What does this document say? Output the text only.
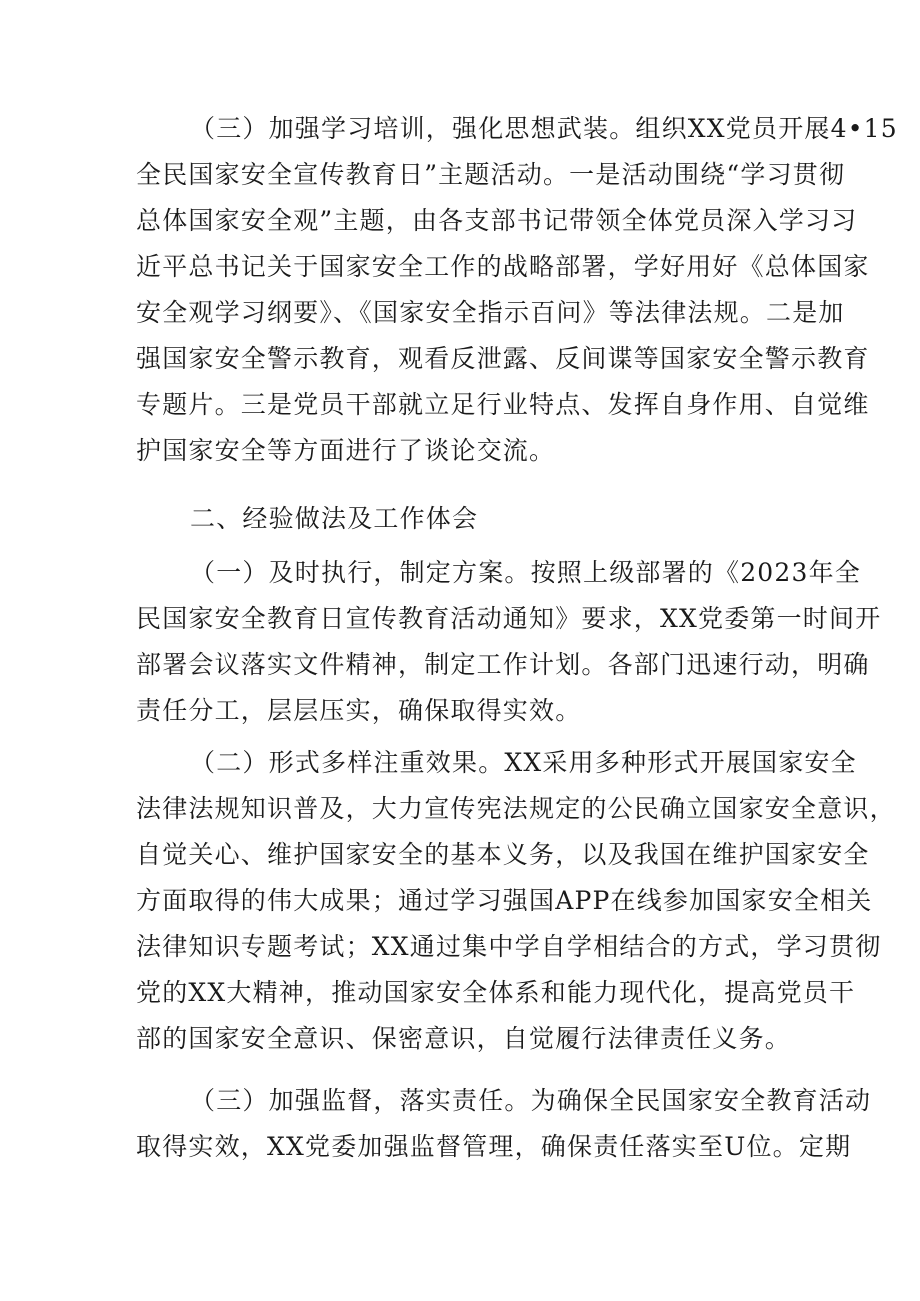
（三）加强学习培训，强化思想武装。组织XX党员开展4•15
全民国家安全宣传教育日”主题活动。一是活动围绕“学习贯彻
总体国家安全观”主题，由各支部书记带领全体党员深入学习习
近平总书记关于国家安全工作的战略部署，学好用好《总体国家
安全观学习纲要》、《国家安全指示百问》等法律法规。二是加
强国家安全警示教育，观看反泄露、反间谍等国家安全警示教育
专题片。三是党员干部就立足行业特点、发挥自身作用、自觉维
护国家安全等方面进行了谈论交流。
二、经验做法及工作体会
（一）及时执行，制定方案。按照上级部署的《2023年全
民国家安全教育日宣传教育活动通知》要求，XX党委第一时间开
部署会议落实文件精神，制定工作计划。各部门迅速行动，明确
责任分工，层层压实，确保取得实效。
（二）形式多样注重效果。XX采用多种形式开展国家安全
法律法规知识普及，大力宣传宪法规定的公民确立国家安全意识，
自觉关心、维护国家安全的基本义务，以及我国在维护国家安全
方面取得的伟大成果；通过学习强国APP在线参加国家安全相关
法律知识专题考试；XX通过集中学自学相结合的方式，学习贯彻
党的XX大精神，推动国家安全体系和能力现代化，提高党员干
部的国家安全意识、保密意识，自觉履行法律责任义务。
（三）加强监督，落实责任。为确保全民国家安全教育活动
取得实效，XX党委加强监督管理，确保责任落实至U位。定期
